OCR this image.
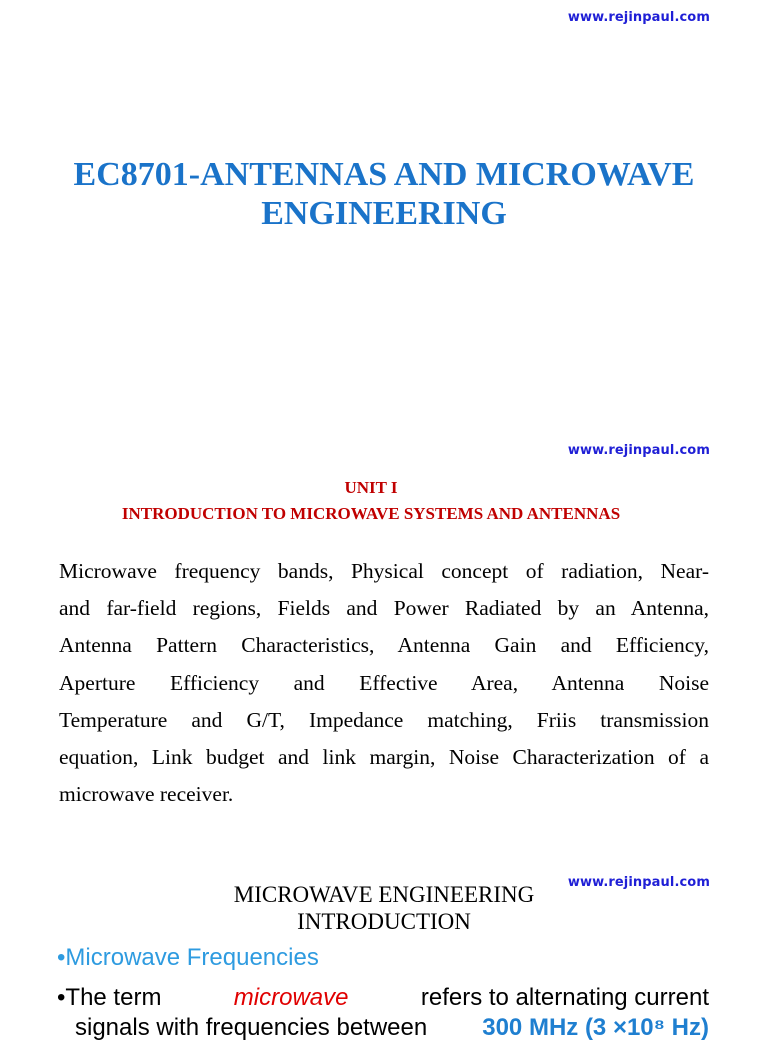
www.rejinpaul.com
EC8701-ANTENNAS AND MICROWAVE
ENGINEERING
www.rejinpaul.com
UNIT I
INTRODUCTION TO MICROWAVE SYSTEMS AND ANTENNAS
Microwave frequency bands, Physical concept of radiation, Near-
and far-field regions, Fields and Power Radiated by an Antenna,
Antenna Pattern Characteristics, Antenna Gain and Efficiency,
Aperture Efficiency and Effective Area, Antenna Noise
Temperature and G/T, Impedance matching, Friis transmission
equation, Link budget and link margin, Noise Characterization of a
microwave receiver.
www.rejinpaul.com
MICROWAVE ENGINEERING
INTRODUCTION
•Microwave Frequencies
•The term	microwave	refers to alternating current
signals with frequencies between 300 MHz (3 ×10⁸ Hz)
